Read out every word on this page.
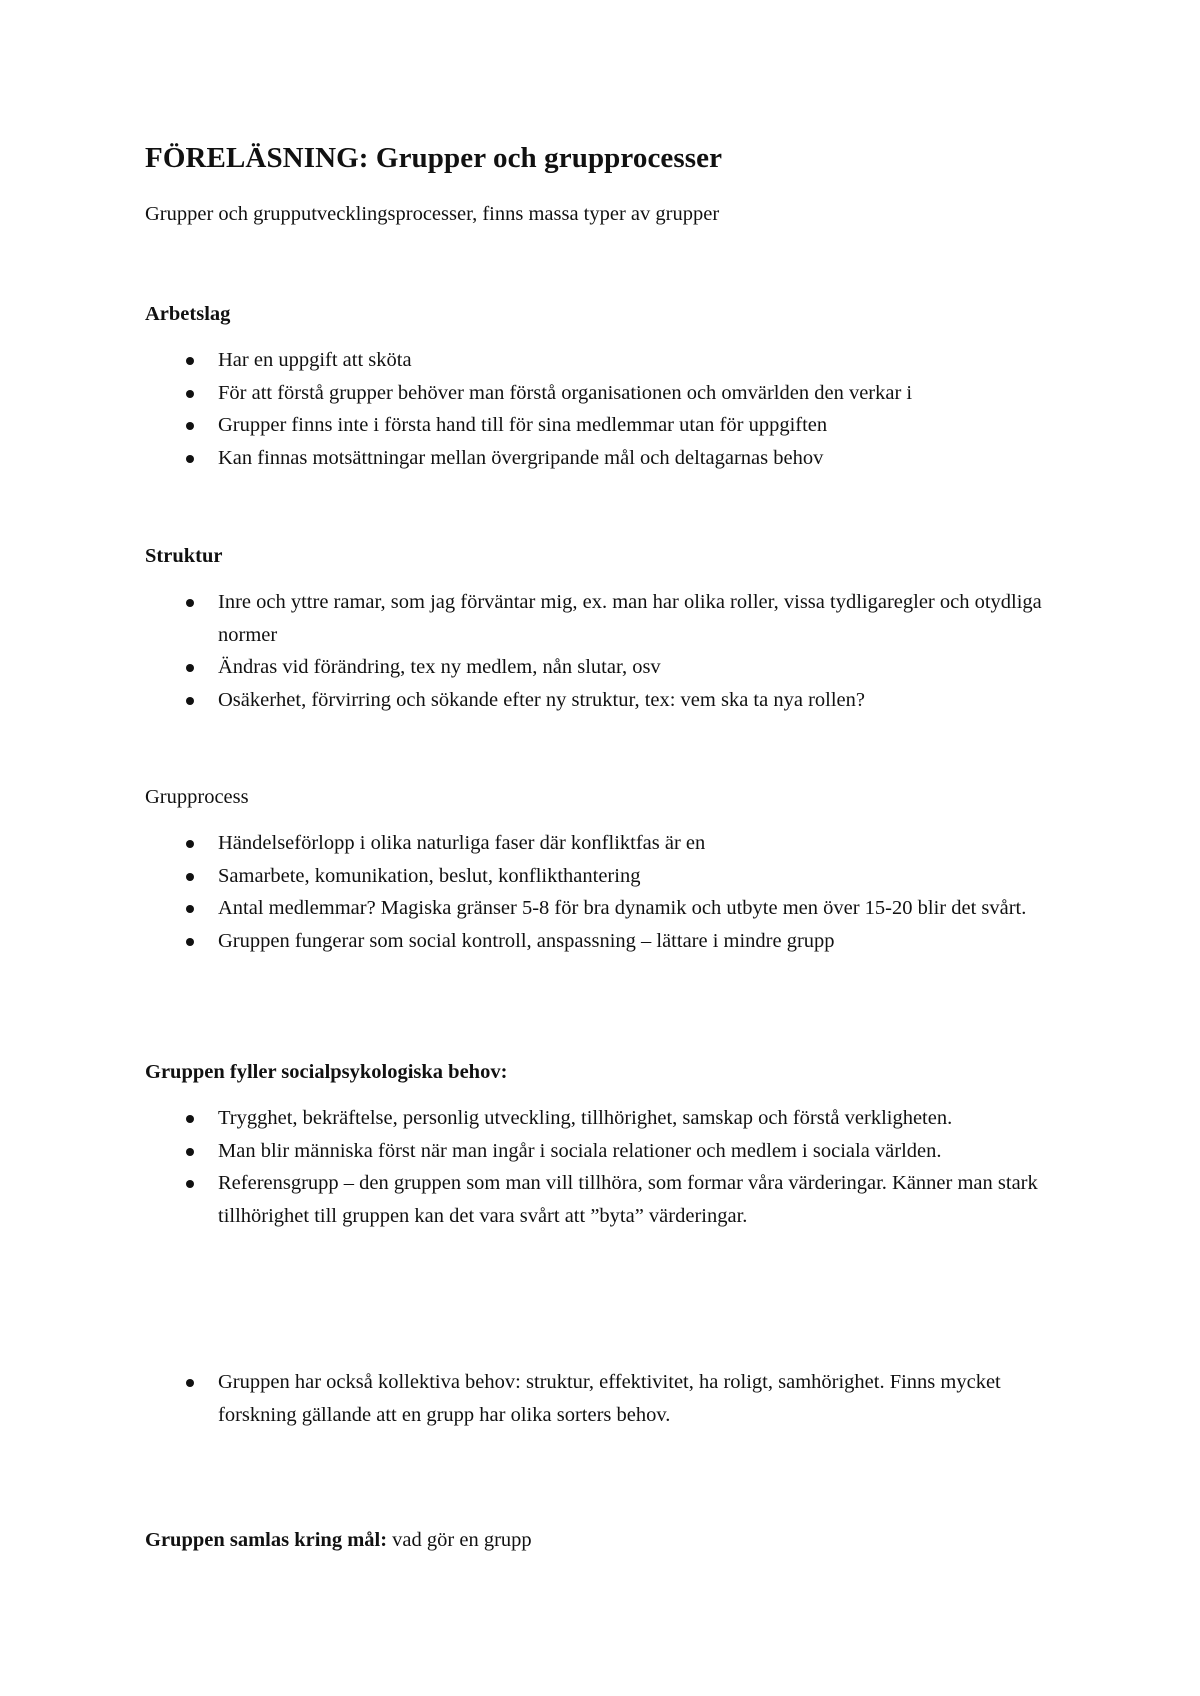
FÖRELÄSNING: Grupper och grupprocesser

Grupper och grupputvecklingsprocesser, finns massa typer av grupper

Arbetslag

Har en uppgift att sköta
För att förstå grupper behöver man förstå organisationen och omvärlden den verkar i
Grupper finns inte i första hand till för sina medlemmar utan för uppgiften
Kan finnas motsättningar mellan övergripande mål och deltagarnas behov

Struktur

Inre och yttre ramar, som jag förväntar mig, ex. man har olika roller, vissa tydligaregler och otydliga normer
Ändras vid förändring, tex ny medlem, nån slutar, osv
Osäkerhet, förvirring och sökande efter ny struktur, tex: vem ska ta nya rollen?

Grupprocess

Händelseförlopp i olika naturliga faser där konfliktfas är en
Samarbete, komunikation, beslut, konflikthantering
Antal medlemmar? Magiska gränser 5-8 för bra dynamik och utbyte men över 15-20 blir det svårt.
Gruppen fungerar som social kontroll, anspassning – lättare i mindre grupp

Gruppen fyller socialpsykologiska behov:

Trygghet, bekräftelse, personlig utveckling, tillhörighet, samskap och förstå verkligheten.
Man blir människa först när man ingår i sociala relationer och medlem i sociala världen.
Referensgrupp – den gruppen som man vill tillhöra, som formar våra värderingar. Känner man stark tillhörighet till gruppen kan det vara svårt att ”byta” värderingar.
Gruppen har också kollektiva behov: struktur, effektivitet, ha roligt, samhörighet. Finns mycket forskning gällande att en grupp har olika sorters behov.

Gruppen samlas kring mål: vad gör en grupp
